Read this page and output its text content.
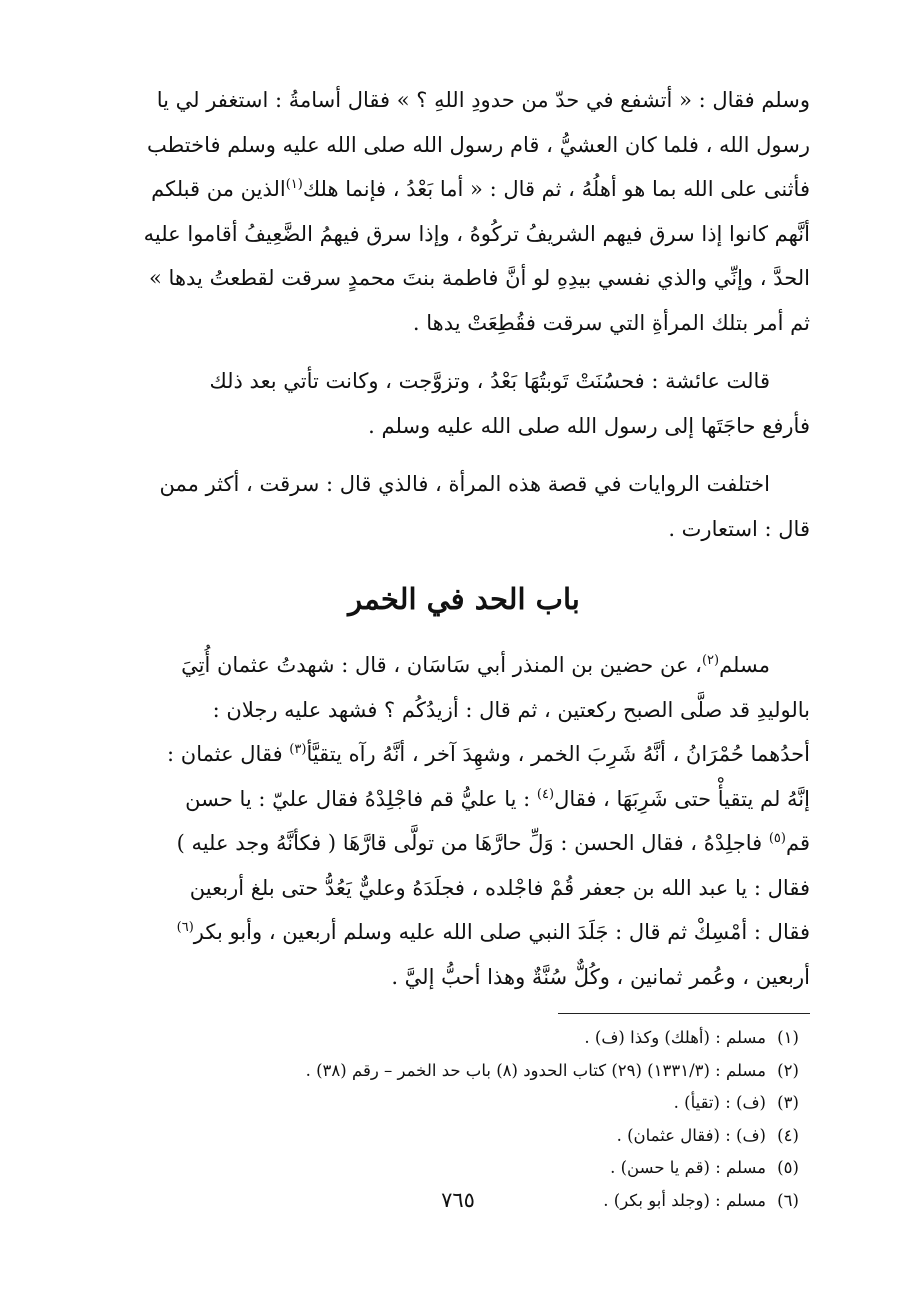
وسلم فقال : « أتشفع في حدّ من حدودِ اللهِ ؟ » فقال أسامةُ : استغفر لي يا

رسول الله ، فلما كان العشيُّ ، قام رسول الله صلى الله عليه وسلم فاختطب

فأثنى على الله بما هو أهلُهُ ، ثم قال : « أما بَعْدُ ، فإنما هلك$^{(١)}$الذين من قبلكم

أنَّهم كانوا إذا سرق فيهم الشريفُ تركُوهُ ، وإذا سرق فيهمُ الضَّعِيفُ أقاموا عليه

الحدَّ ، وإنِّي والذي نفسي بيدِهِ لو أنَّ فاطمة بنتَ محمدٍ سرقت لقطعتُ يدها »

ثم أمر بتلك المرأةِ التي سرقت فقُطِعَتْ يدها .

قالت عائشة : فحسُنَتْ تَوبتُهَا بَعْدُ ، وتزوَّجت ، وكانت تأتي بعد ذلك

فأرفع حاجَتَها إلى رسول الله صلى الله عليه وسلم .

اختلفت الروايات في قصة هذه المرأة ، فالذي قال : سرقت ، أكثر ممن

قال : استعارت .

باب الحد في الخمر

مسلم$^{(٢)}$، عن حضين بن المنذر أبي سَاسَان ، قال : شهدتُ عثمان أُتِيَ

بالوليدِ قد صلَّى الصبح ركعتين ، ثم قال : أزيدُكُم ؟ فشهد عليه رجلان :

أحدُهما حُمْرَانُ ، أنَّهُ شَرِبَ الخمر ، وشهِدَ آخر ، أنَّهُ رآه يتقيَّأ$^{(٣)}$ فقال عثمان :

إنَّهُ لم يتقيأْ حتى شَرِبَهَا ، فقال$^{(٤)}$ : يا عليُّ قم فاجْلِدْهُ فقال عليّ : يا حسن

قم$^{(٥)}$ فاجلِدْهُ ، فقال الحسن : وَلِّ حارَّهَا من تولَّى قارَّهَا ( فكأنَّهُ وجد عليه )

فقال : يا عبد الله بن جعفر قُمْ فاجْلده ، فجلَدَهُ وعليٌّ يَعُدُّ حتى بلغ أربعين

فقال : أمْسِكْ ثم قال : جَلَدَ النبي صلى الله عليه وسلم أربعين ، وأبو بكر$^{(٦)}$

أربعين ، وعُمر ثمانين ، وكُلٌّ سُنَّةٌ وهذا أحبُّ إليَّ .

(١)
مسلم : (أهلك) وكذا (ف) .
(٢)
مسلم : (١٣٣١/٣) (٢٩) كتاب الحدود (٨) باب حد الخمر – رقم (٣٨) .
(٣)
(ف) : (تقيأ) .
(٤)
(ف) : (فقال عثمان) .
(٥)
مسلم : (قم يا حسن) .
(٦)
مسلم : (وجلد أبو بكر) .
٧٦٥
